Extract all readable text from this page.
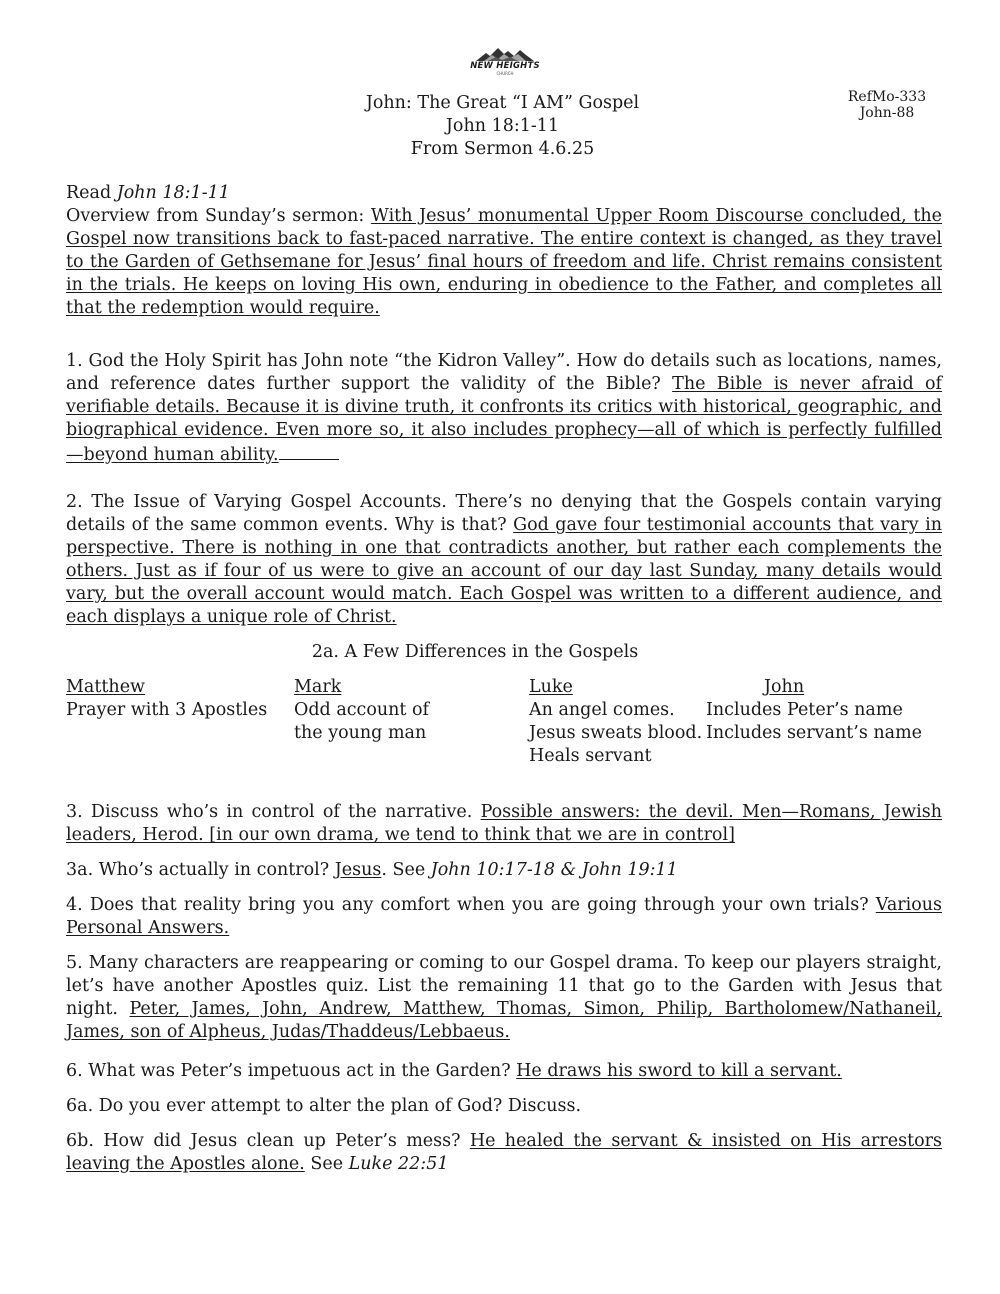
NEW HEIGHTS
CHURCH
John: The Great “I AM” Gospel
John 18:1-11
From Sermon 4.6.25
RefMo-333
John-88
Read John 18:1-11

Overview from Sunday’s sermon: With Jesus’ monumental Upper Room Discourse concluded, the Gospel now transitions back to fast-paced narrative. The entire context is changed, as they travel to the Garden of Gethsemane for Jesus’ final hours of freedom and life. Christ remains consistent in the trials. He keeps on loving His own, enduring in obedience to the Father, and completes all that the redemption would require.

1. God the Holy Spirit has John note “the Kidron Valley”. How do details such as locations, names, and reference dates further support the validity of the Bible? The Bible is never afraid of verifiable details. Because it is divine truth, it confronts its critics with historical, geographic, and biographical evidence. Even more so, it also includes prophecy—all of which is perfectly fulfilled—beyond human ability.

2. The Issue of Varying Gospel Accounts. There’s no denying that the Gospels contain varying details of the same common events. Why is that? God gave four testimonial accounts that vary in perspective. There is nothing in one that contradicts another, but rather each complements the others. Just as if four of us were to give an account of our day last Sunday, many details would vary, but the overall account would match. Each Gospel was written to a different audience, and each displays a unique role of Christ.

2a. A Few Differences in the Gospels
Matthew
Prayer with 3 Apostles
Mark
Odd account of
the young man
Luke
An angel comes.
Jesus sweats blood.
Heals servant
John
Includes Peter’s name
Includes servant’s name

3. Discuss who’s in control of the narrative. Possible answers: the devil. Men—Romans, Jewish leaders, Herod. [in our own drama, we tend to think that we are in control]

3a. Who’s actually in control? Jesus. See John 10:17-18 & John 19:11

4. Does that reality bring you any comfort when you are going through your own trials? Various Personal Answers.

5. Many characters are reappearing or coming to our Gospel drama. To keep our players straight, let’s have another Apostles quiz. List the remaining 11 that go to the Garden with Jesus that night. Peter, James, John, Andrew, Matthew, Thomas, Simon, Philip, Bartholomew/Nathaneil, James, son of Alpheus, Judas/Thaddeus/Lebbaeus.

6. What was Peter’s impetuous act in the Garden? He draws his sword to kill a servant.

6a. Do you ever attempt to alter the plan of God? Discuss.

6b. How did Jesus clean up Peter’s mess? He healed the servant & insisted on His arrestors leaving the Apostles alone. See Luke 22:51
